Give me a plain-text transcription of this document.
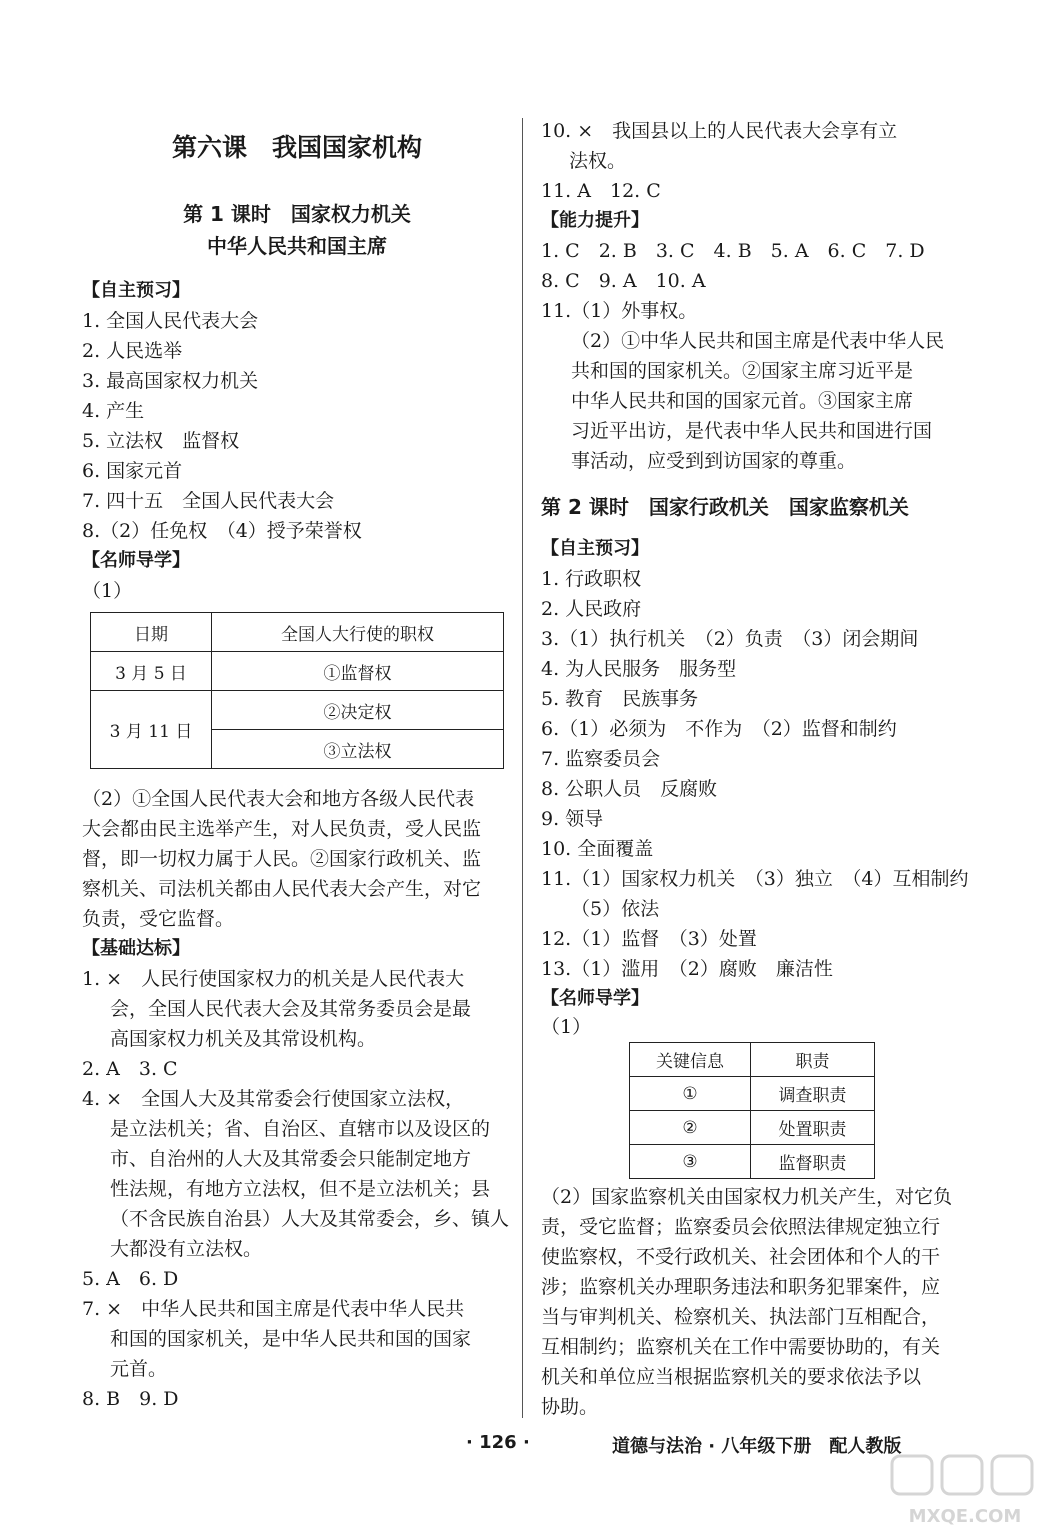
第六课　我国国家机构
第 1 课时　国家权力机关
中华人民共和国主席
【自主预习】
1. 全国人民代表大会
2. 人民选举
3. 最高国家权力机关
4. 产生
5. 立法权　监督权
6. 国家元首
7. 四十五　全国人民代表大会
8.（2）任免权　（4）授予荣誉权
【名师导学】
（1）
日期	全国人大行使的职权
3 月 5 日	①监督权
3 月 11 日	②决定权
	③立法权
（2）①全国人民代表大会和地方各级人民代表
大会都由民主选举产生，对人民负责，受人民监
督，即一切权力属于人民。②国家行政机关、监
察机关、司法机关都由人民代表大会产生，对它
负责，受它监督。
【基础达标】
1. ×　人民行使国家权力的机关是人民代表大
会，全国人民代表大会及其常务委员会是最
高国家权力机关及其常设机构。
2. A　3. C
4. ×　全国人大及其常委会行使国家立法权，
是立法机关；省、自治区、直辖市以及设区的
市、自治州的人大及其常委会只能制定地方
性法规，有地方立法权，但不是立法机关；县
（不含民族自治县）人大及其常委会，乡、镇人
大都没有立法权。
5. A　6. D
7. ×　中华人民共和国主席是代表中华人民共
和国的国家机关，是中华人民共和国的国家
元首。
8. B　9. D
10. ×　我国县以上的人民代表大会享有立
法权。
11. A　12. C
【能力提升】
1. C　2. B　3. C　4. B　5. A　6. C　7. D
8. C　9. A　10. A
11.（1）外事权。
（2）①中华人民共和国主席是代表中华人民
共和国的国家机关。②国家主席习近平是
中华人民共和国的国家元首。③国家主席
习近平出访，是代表中华人民共和国进行国
事活动，应受到到访国家的尊重。
第 2 课时　国家行政机关　国家监察机关
【自主预习】
1. 行政职权
2. 人民政府
3.（1）执行机关　（2）负责　（3）闭会期间
4. 为人民服务　服务型
5. 教育　民族事务
6.（1）必须为　不作为　（2）监督和制约
7. 监察委员会
8. 公职人员　反腐败
9. 领导
10. 全面覆盖
11.（1）国家权力机关　（3）独立　（4）互相制约
（5）依法
12.（1）监督　（3）处置
13.（1）滥用　（2）腐败　廉洁性
【名师导学】
（1）
关键信息	职责
①	调查职责
②	处置职责
③	监督职责
（2）国家监察机关由国家权力机关产生，对它负
责，受它监督；监察委员会依照法律规定独立行
使监察权，不受行政机关、社会团体和个人的干
涉；监察机关办理职务违法和职务犯罪案件，应
当与审判机关、检察机关、执法部门互相配合，
互相制约；监察机关在工作中需要协助的，有关
机关和单位应当根据监察机关的要求依法予以
协助。
· 126 ·	道德与法治 · 八年级下册　配人教版
MXQE.COM
